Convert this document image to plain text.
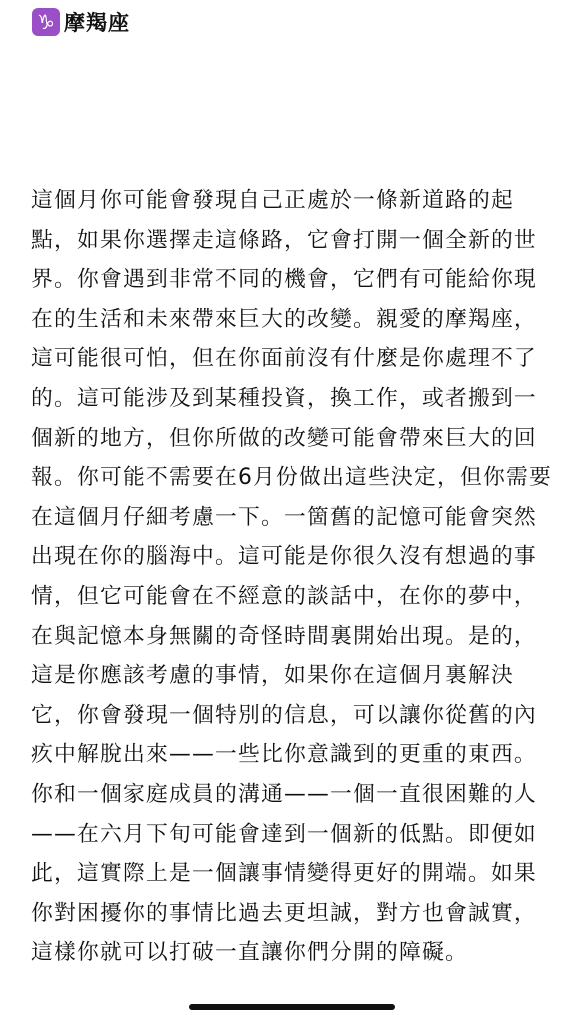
♑ 摩羯座

這個月你可能會發現自己正處於一條新道路的起點，如果你選擇走這條路，它會打開一個全新的世界。你會遇到非常不同的機會，它們有可能給你現在的生活和未來帶來巨大的改變。親愛的摩羯座，這可能很可怕，但在你面前沒有什麼是你處理不了的。這可能涉及到某種投資，換工作，或者搬到一個新的地方，但你所做的改變可能會帶來巨大的回報。你可能不需要在6月份做出這些決定，但你需要在這個月仔細考慮一下。一箇舊的記憶可能會突然出現在你的腦海中。這可能是你很久沒有想過的事情，但它可能會在不經意的談話中，在你的夢中，在與記憶本身無關的奇怪時間裏開始出現。是的，這是你應該考慮的事情，如果你在這個月裏解決它，你會發現一個特別的信息，可以讓你從舊的內疚中解脫出來——一些比你意識到的更重的東西。你和一個家庭成員的溝通——一個一直很困難的人——在六月下旬可能會達到一個新的低點。即便如此，這實際上是一個讓事情變得更好的開端。如果你對困擾你的事情比過去更坦誠，對方也會誠實，這樣你就可以打破一直讓你們分開的障礙。
